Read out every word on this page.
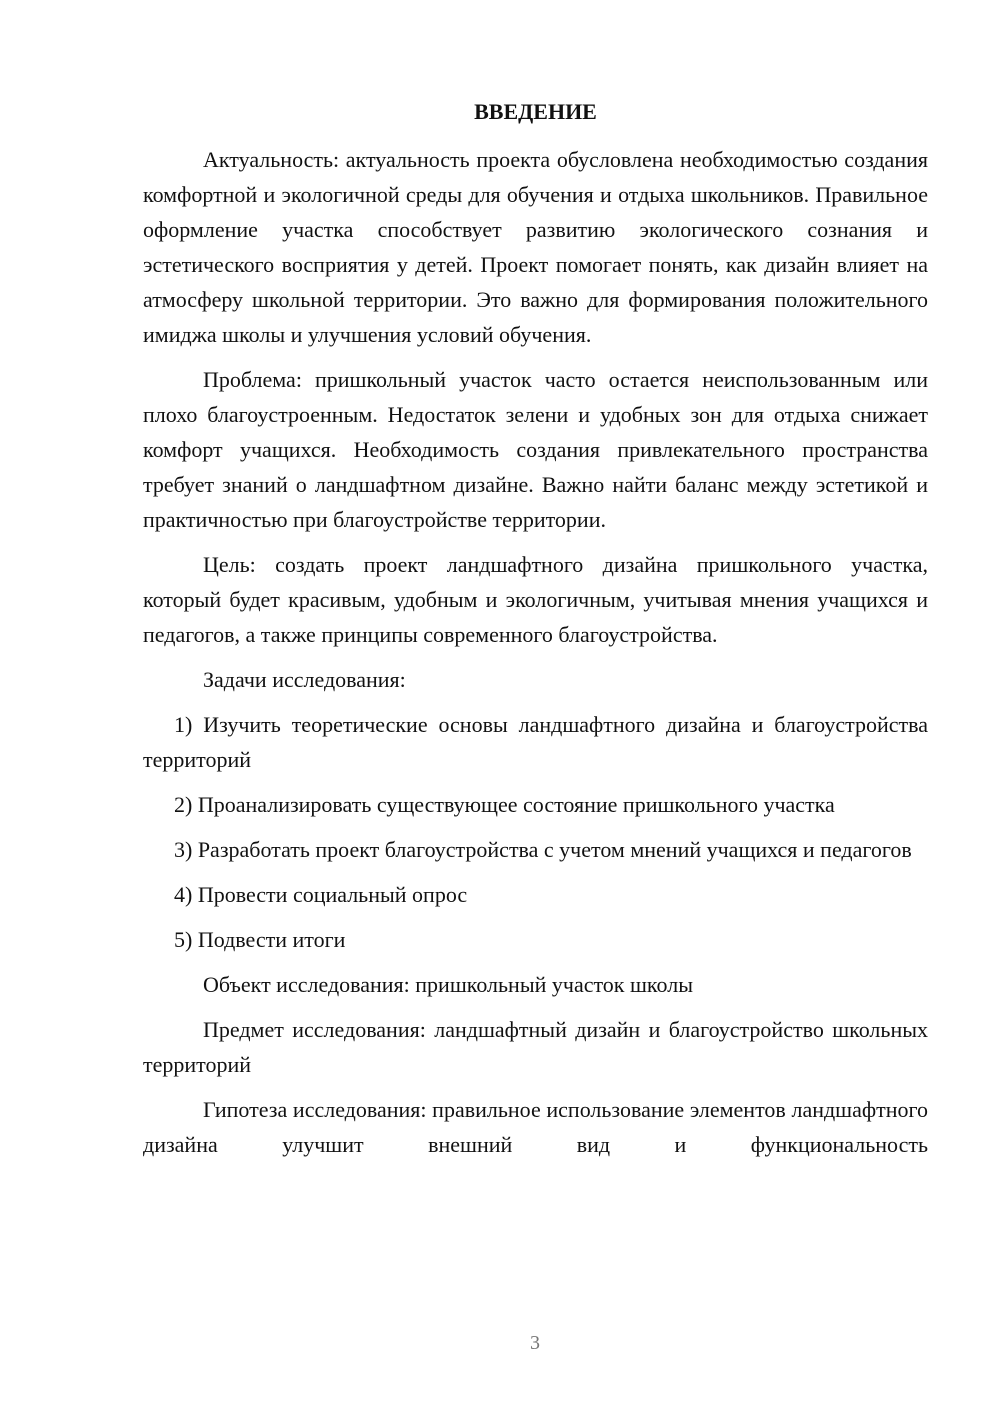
ВВЕДЕНИЕ

Актуальность: актуальность проекта обусловлена необходимостью создания комфортной и экологичной среды для обучения и отдыха школьников. Правильное оформление участка способствует развитию экологического сознания и эстетического восприятия у детей. Проект помогает понять, как дизайн влияет на атмосферу школьной территории. Это важно для формирования положительного имиджа школы и улучшения условий обучения.

Проблема: пришкольный участок часто остается неиспользованным или плохо благоустроенным. Недостаток зелени и удобных зон для отдыха снижает комфорт учащихся. Необходимость создания привлекательного пространства требует знаний о ландшафтном дизайне. Важно найти баланс между эстетикой и практичностью при благоустройстве территории.

Цель: создать проект ландшафтного дизайна пришкольного участка, который будет красивым, удобным и экологичным, учитывая мнения учащихся и педагогов, а также принципы современного благоустройства.

Задачи исследования:

1) Изучить теоретические основы ландшафтного дизайна и благоустройства территорий

2) Проанализировать существующее состояние пришкольного участка

3) Разработать проект благоустройства с учетом мнений учащихся и педагогов

4) Провести социальный опрос

5) Подвести итоги

Объект исследования: пришкольный участок школы

Предмет исследования: ландшафтный дизайн и благоустройство школьных территорий

Гипотеза исследования: правильное использование элементов ландшафтного дизайна улучшит внешний вид и функциональность

3
